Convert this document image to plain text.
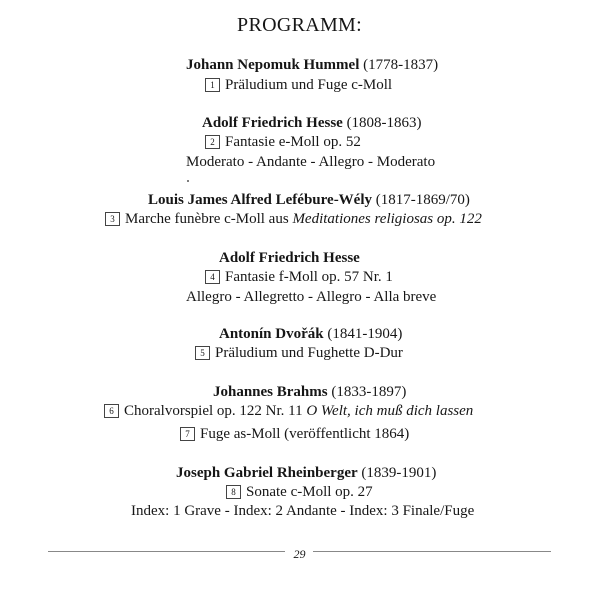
PROGRAMM:
Johann Nepomuk Hummel (1778-1837)
1 Präludium und Fuge c-Moll
Adolf Friedrich Hesse (1808-1863)
2 Fantasie e-Moll op. 52
Moderato - Andante - Allegro - Moderato
Louis James Alfred Lefébure-Wély (1817-1869/70)
3 Marche funèbre c-Moll aus Meditationes religiosas op. 122
Adolf Friedrich Hesse
4 Fantasie f-Moll op. 57 Nr. 1
Allegro - Allegretto - Allegro - Alla breve
Antonín Dvořák (1841-1904)
5 Präludium und Fughette D-Dur
Johannes Brahms (1833-1897)
6 Choralvorspiel op. 122 Nr. 11 O Welt, ich muß dich lassen
7 Fuge as-Moll (veröffentlicht 1864)
Joseph Gabriel Rheinberger (1839-1901)
8 Sonate c-Moll op. 27
Index: 1 Grave - Index: 2 Andante - Index: 3 Finale/Fuge
29
